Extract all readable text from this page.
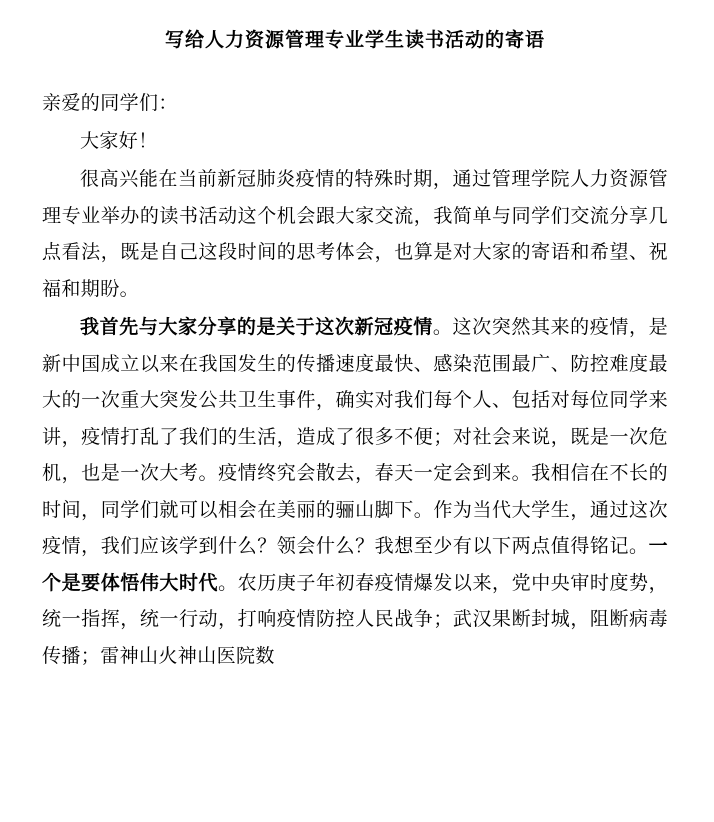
写给人力资源管理专业学生读书活动的寄语

亲爱的同学们：

大家好！

很高兴能在当前新冠肺炎疫情的特殊时期，通过管理学院人力资源管理专业举办的读书活动这个机会跟大家交流，我简单与同学们交流分享几点看法，既是自己这段时间的思考体会，也算是对大家的寄语和希望、祝福和期盼。

我首先与大家分享的是关于这次新冠疫情。这次突然其来的疫情，是新中国成立以来在我国发生的传播速度最快、感染范围最广、防控难度最大的一次重大突发公共卫生事件，确实对我们每个人、包括对每位同学来讲，疫情打乱了我们的生活，造成了很多不便；对社会来说，既是一次危机，也是一次大考。疫情终究会散去，春天一定会到来。我相信在不长的时间，同学们就可以相会在美丽的骊山脚下。作为当代大学生，通过这次疫情，我们应该学到什么？领会什么？我想至少有以下两点值得铭记。一个是要体悟伟大时代。农历庚子年初春疫情爆发以来，党中央审时度势，统一指挥，统一行动，打响疫情防控人民战争；武汉果断封城，阻断病毒传播；雷神山火神山医院数
